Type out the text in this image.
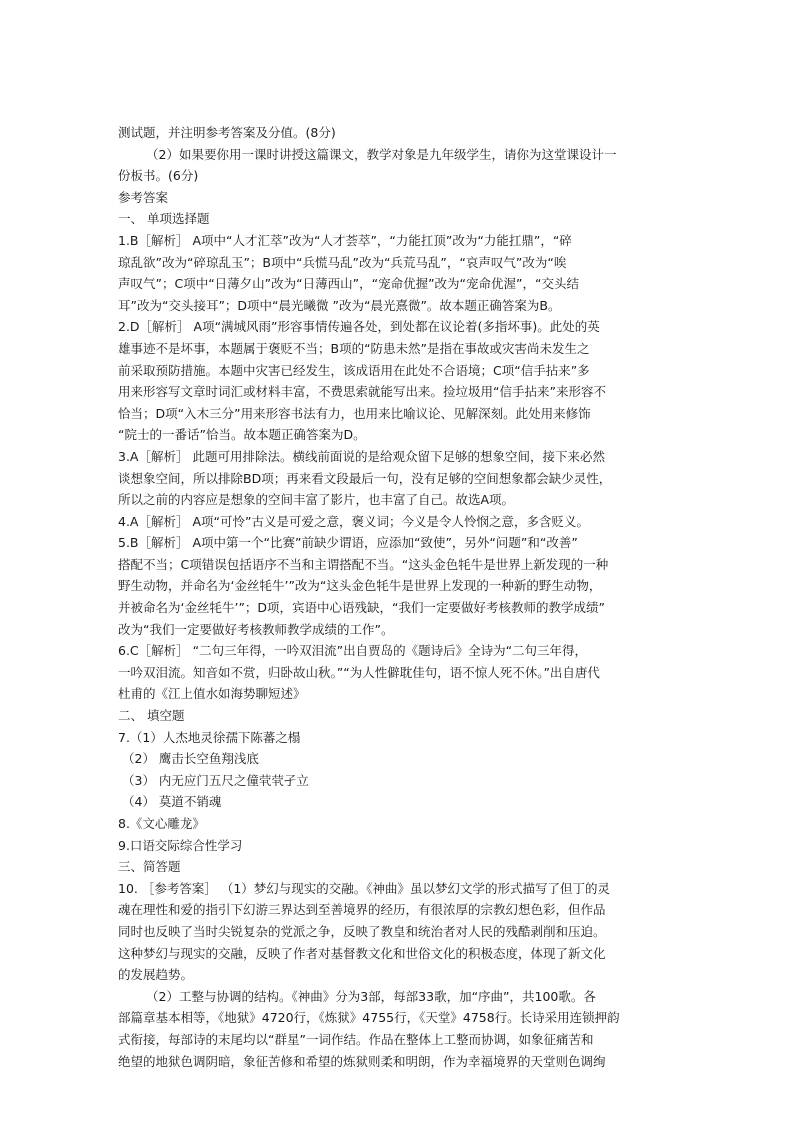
测试题，并注明参考答案及分值。(8分)
（2）如果要你用一课时讲授这篇课文，教学对象是九年级学生，请你为这堂课设计一
份板书。(6分)
参考答案
一、 单项选择题
1.B［解析］ A项中“人才汇萃”改为“人才荟萃”，“力能扛顶”改为“力能扛鼎”，“碎
琼乱欲”改为“碎琼乱玉”；B项中“兵慌马乱”改为“兵荒马乱”，“哀声叹气”改为“唉
声叹气”；C项中“日薄夕山”改为“日薄西山”，“宠命优握”改为“宠命优渥”，“交头结
耳”改为“交头接耳”；D项中“晨光曦微 ”改为“晨光熹微”。故本题正确答案为B。
2.D［解析］ A项“满城风雨”形容事情传遍各处，到处都在议论着(多指坏事)。此处的英
雄事迹不是坏事，本题属于褒贬不当；B项的“防患未然”是指在事故或灾害尚未发生之
前采取预防措施。本题中灾害已经发生，该成语用在此处不合语境；C项“信手拈来”多
用来形容写文章时词汇或材料丰富，不费思索就能写出来。捡垃圾用“信手拈来”来形容不
恰当；D项“入木三分”用来形容书法有力，也用来比喻议论、见解深刻。此处用来修饰
“院士的一番话”恰当。故本题正确答案为D。
3.A［解析］ 此题可用排除法。横线前面说的是给观众留下足够的想象空间，接下来必然
谈想象空间，所以排除BD项；再来看文段最后一句，没有足够的空间想象都会缺少灵性，
所以之前的内容应是想象的空间丰富了影片，也丰富了自己。故选A项。
4.A［解析］ A项“可怜”古义是可爱之意，褒义词；今义是令人怜悯之意，多含贬义。
5.B［解析］ A项中第一个“比赛”前缺少谓语，应添加“致使”，另外“问题”和“改善”
搭配不当；C项错误包括语序不当和主谓搭配不当。“这头金色牦牛是世界上新发现的一种
野生动物，并命名为‘金丝牦牛’”改为“这头金色牦牛是世界上发现的一种新的野生动物，
并被命名为‘金丝牦牛’”；D项，宾语中心语残缺，“我们一定要做好考核教师的教学成绩”
改为“我们一定要做好考核教师教学成绩的工作”。
6.C［解析］ “二句三年得，一吟双泪流”出自贾岛的《题诗后》全诗为“二句三年得，
一吟双泪流。知音如不赏，归卧故山秋。”“为人性僻耽佳句，语不惊人死不休。”出自唐代
杜甫的《江上值水如海势聊短述》
二、 填空题
7.（1）人杰地灵徐孺下陈蕃之榻
（2） 鹰击长空鱼翔浅底
（3） 内无应门五尺之僮茕茕孑立
（4） 莫道不销魂
8.《文心雕龙》
9.口语交际综合性学习
三、简答题
10. ［参考答案］ （1）梦幻与现实的交融。《神曲》虽以梦幻文学的形式描写了但丁的灵
魂在理性和爱的指引下幻游三界达到至善境界的经历，有很浓厚的宗教幻想色彩，但作品
同时也反映了当时尖锐复杂的党派之争，反映了教皇和统治者对人民的残酷剥削和压迫。
这种梦幻与现实的交融，反映了作者对基督教文化和世俗文化的积极态度，体现了新文化
的发展趋势。
（2）工整与协调的结构。《神曲》分为3部，每部33歌，加“序曲”，共100歌。各
部篇章基本相等，《地狱》4720行，《炼狱》4755行，《天堂》4758行。长诗采用连锁押韵
式衔接，每部诗的末尾均以“群星”一词作结。作品在整体上工整而协调，如象征痛苦和
绝望的地狱色调阴暗，象征苦修和希望的炼狱则柔和明朗，作为幸福境界的天堂则色调绚
